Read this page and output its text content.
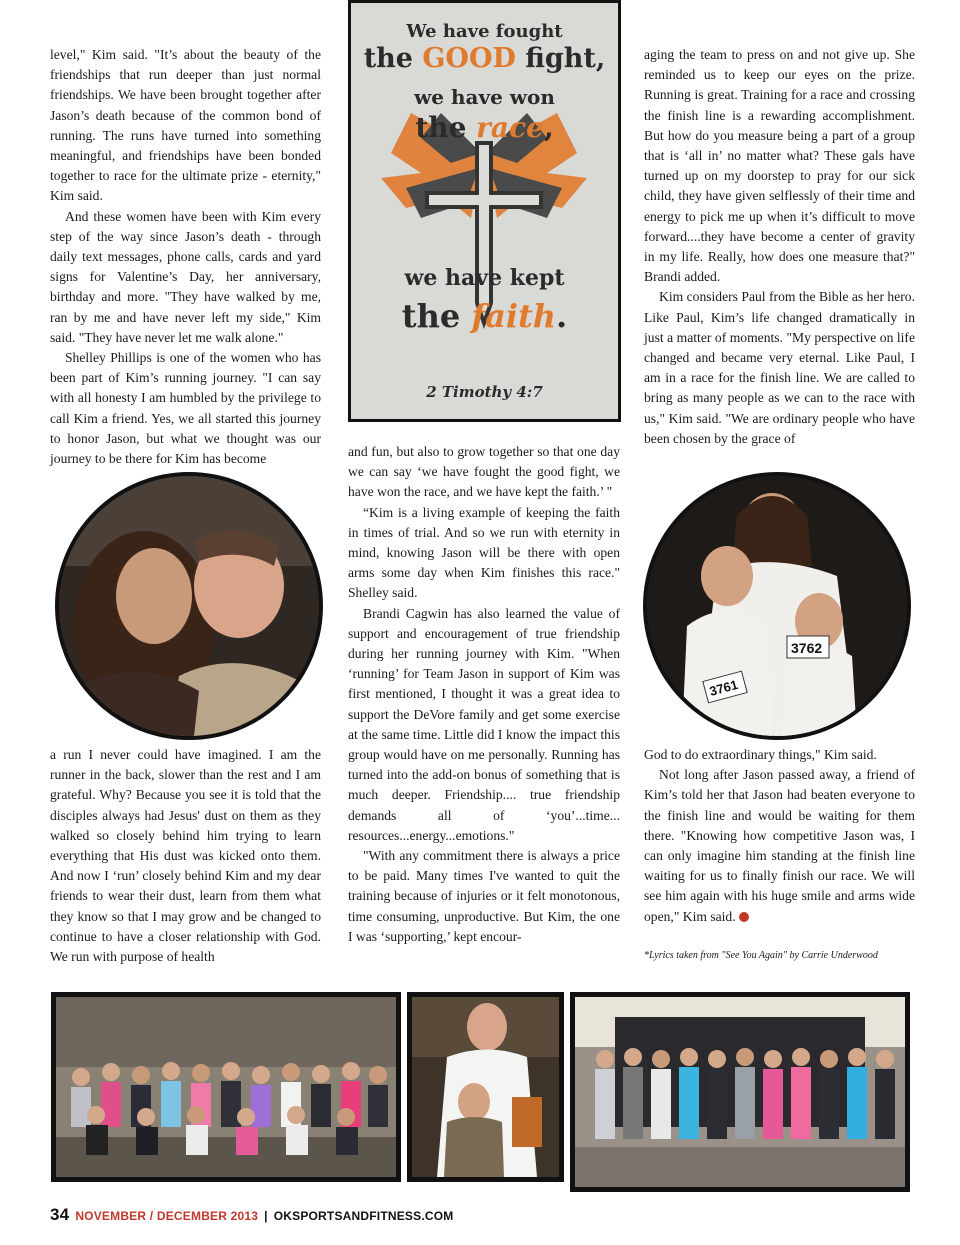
level," Kim said. "It’s about the beauty of the friendships that run deeper than just normal friendships. We have been brought together after Jason’s death because of the common bond of running. The runs have turned into something meaningful, and friendships have been bonded together to race for the ultimate prize - eternity," Kim said.

And these women have been with Kim every step of the way since Jason’s death - through daily text messages, phone calls, cards and yard signs for Valentine’s Day, her anniversary, birthday and more. "They have walked by me, ran by me and have never left my side," Kim said. "They have never let me walk alone."

Shelley Phillips is one of the women who has been part of Kim’s running journey. "I can say with all honesty I am humbled by the privilege to call Kim a friend. Yes, we all started this journey to honor Jason, but what we thought was our journey to be there for Kim has become

We have fought
the GOOD fight,
we have won
the race,
we have kept
the faith.
2 Timothy 4:7

aging the team to press on and not give up. She reminded us to keep our eyes on the prize. Running is great. Training for a race and crossing the finish line is a rewarding accomplishment. But how do you measure being a part of a group that is ‘all in’ no matter what? These gals have turned up on my doorstep to pray for our sick child, they have given selflessly of their time and energy to pick me up when it’s difficult to move forward....they have become a center of gravity in my life. Really, how does one measure that?" Brandi added.

Kim considers Paul from the Bible as her hero. Like Paul, Kim’s life changed dramatically in just a matter of moments. "My perspective on life changed and became very eternal. Like Paul, I am in a race for the finish line. We are called to bring as many people as we can to the race with us," Kim said. "We are ordinary people who have been chosen by the grace of

and fun, but also to grow together so that one day we can say ‘we have fought the good fight, we have won the race, and we have kept the faith.’ "

“Kim is a living example of keeping the faith in times of trial. And so we run with eternity in mind, knowing Jason will be there with open arms some day when Kim finishes this race." Shelley said.

Brandi Cagwin has also learned the value of support and encouragement of true friendship during her running journey with Kim. "When ‘running’ for Team Jason in support of Kim was first mentioned, I thought it was a great idea to support the DeVore family and get some exercise at the same time. Little did I know the impact this group would have on me personally. Running has turned into the add-on bonus of something that is much deeper. Friendship.... true friendship demands all of ‘you’...time... resources...energy...emotions."

"With any commitment there is always a price to be paid. Many times I've wanted to quit the training because of injuries or it felt monotonous, time consuming, unproductive. But Kim, the one I was ‘supporting,’ kept encour-

3762
3761

a run I never could have imagined. I am the runner in the back, slower than the rest and I am grateful. Why? Because you see it is told that the disciples always had Jesus' dust on them as they walked so closely behind him trying to learn everything that His dust was kicked onto them. And now I ‘run’ closely behind Kim and my dear friends to wear their dust, learn from them what they know so that I may grow and be changed to continue to have a closer relationship with God. We run with purpose of health

God to do extraordinary things," Kim said.

Not long after Jason passed away, a friend of Kim’s told her that Jason had beaten everyone to the finish line and would be waiting for them there. "Knowing how competitive Jason was, I can only imagine him standing at the finish line waiting for us to finally finish our race. We will see him again with his huge smile and arms wide open," Kim said.

*Lyrics taken from "See You Again" by Carrie Underwood
34 NOVEMBER / DECEMBER 2013 | OKSPORTSANDFITNESS.COM
